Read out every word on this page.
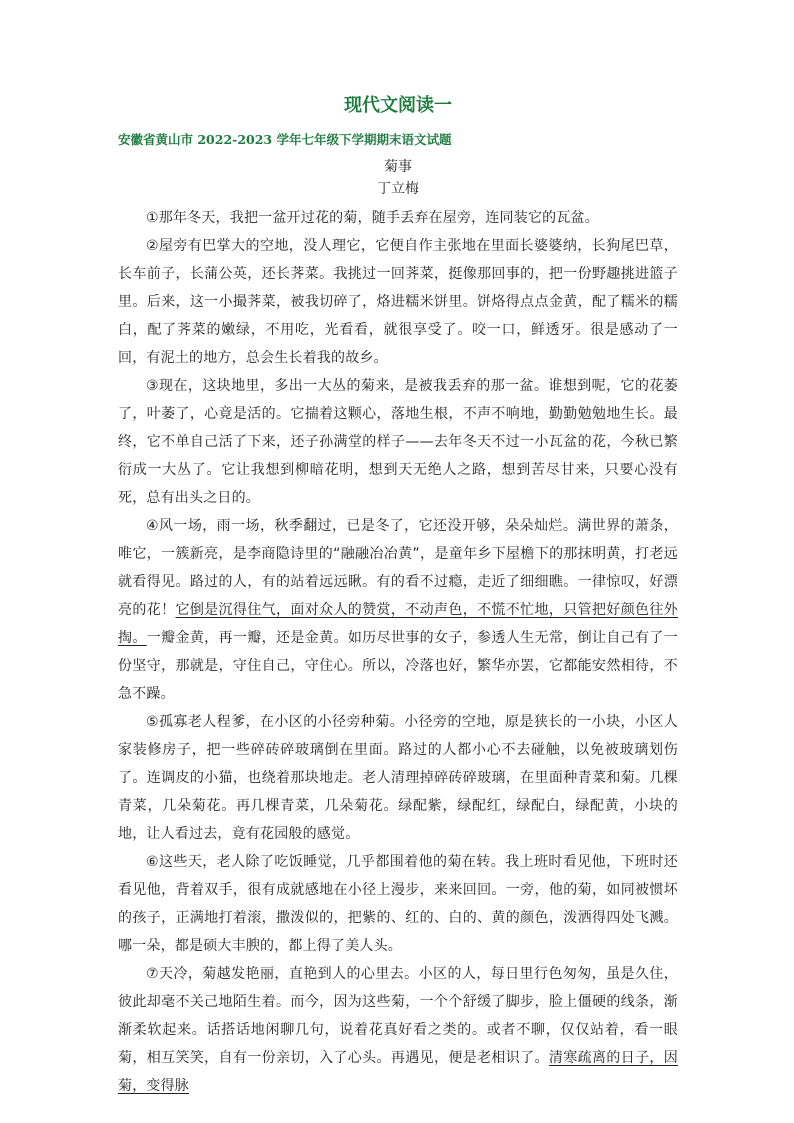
现代文阅读一
安徽省黄山市 2022-2023 学年七年级下学期期末语文试题
菊事
丁立梅

①那年冬天，我把一盆开过花的菊，随手丢弃在屋旁，连同装它的瓦盆。

②屋旁有巴掌大的空地，没人理它，它便自作主张地在里面长婆婆纳，长狗尾巴草，长车前子，长蒲公英，还长荠菜。我挑过一回荠菜，挺像那回事的，把一份野趣挑进篮子里。后来，这一小撮荠菜，被我切碎了，烙进糯米饼里。饼烙得点点金黄，配了糯米的糯白，配了荠菜的嫩绿，不用吃，光看看，就很享受了。咬一口，鲜透牙。很是感动了一回，有泥土的地方，总会生长着我的故乡。

③现在，这块地里，多出一大丛的菊来，是被我丢弃的那一盆。谁想到呢，它的花萎了，叶萎了，心竟是活的。它揣着这颗心，落地生根，不声不响地，勤勤勉勉地生长。最终，它不单自己活了下来，还子孙满堂的样子——去年冬天不过一小瓦盆的花，今秋已繁衍成一大丛了。它让我想到柳暗花明，想到天无绝人之路，想到苦尽甘来，只要心没有死，总有出头之日的。

④风一场，雨一场，秋季翻过，已是冬了，它还没开够，朵朵灿烂。满世界的萧条，唯它，一簇新亮，是李商隐诗里的“融融冶冶黄”，是童年乡下屋檐下的那抹明黄，打老远就看得见。路过的人，有的站着远远瞅。有的看不过瘾，走近了细细瞧。一律惊叹，好漂亮的花！它倒是沉得住气，面对众人的赞赏，不动声色，不慌不忙地，只管把好颜色往外掏。一瓣金黄，再一瓣，还是金黄。如历尽世事的女子，参透人生无常，倒让自己有了一份坚守，那就是，守住自己，守住心。所以，冷落也好，繁华亦罢，它都能安然相待，不急不躁。

⑤孤寡老人程爹，在小区的小径旁种菊。小径旁的空地，原是狭长的一小块，小区人家装修房子，把一些碎砖碎玻璃倒在里面。路过的人都小心不去碰触，以免被玻璃划伤了。连调皮的小猫，也绕着那块地走。老人清理掉碎砖碎玻璃，在里面种青菜和菊。几棵青菜，几朵菊花。再几棵青菜，几朵菊花。绿配紫，绿配红，绿配白，绿配黄，小块的地，让人看过去，竟有花园般的感觉。

⑥这些天，老人除了吃饭睡觉，几乎都围着他的菊在转。我上班时看见他，下班时还看见他，背着双手，很有成就感地在小径上漫步，来来回回。一旁，他的菊，如同被惯坏的孩子，正满地打着滚，撒泼似的，把紫的、红的、白的、黄的颜色，泼洒得四处飞溅。哪一朵，都是硕大丰腴的，都上得了美人头。

⑦天冷，菊越发艳丽，直艳到人的心里去。小区的人，每日里行色匆匆，虽是久住，彼此却毫不关己地陌生着。而今，因为这些菊，一个个舒缓了脚步，脸上僵硬的线条，渐渐柔软起来。话搭话地闲聊几句，说着花真好看之类的。或者不聊，仅仅站着，看一眼菊，相互笑笑，自有一份亲切，入了心头。再遇见，便是老相识了。清寒疏离的日子，因菊，变得脉
